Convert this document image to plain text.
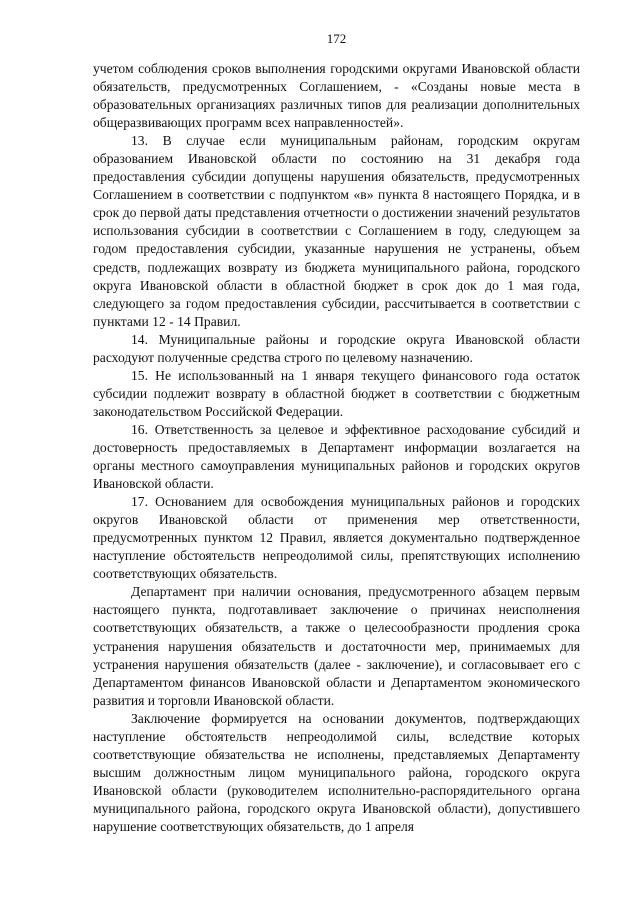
172

учетом соблюдения сроков выполнения городскими округами Ивановской области обязательств, предусмотренных Соглашением, - «Созданы новые места в образовательных организациях различных типов для реализации дополнительных общеразвивающих программ всех направленностей».

13. В случае если муниципальным районам, городским округам образованием Ивановской области по состоянию на 31 декабря года предоставления субсидии допущены нарушения обязательств, предусмотренных Соглашением в соответствии с подпунктом «в» пункта 8 настоящего Порядка, и в срок до первой даты представления отчетности о достижении значений результатов использования субсидии в соответствии с Соглашением в году, следующем за годом предоставления субсидии, указанные нарушения не устранены, объем средств, подлежащих возврату из бюджета муниципального района, городского округа Ивановской области в областной бюджет в срок док до 1 мая года, следующего за годом предоставления субсидии, рассчитывается в соответствии с пунктами 12 - 14 Правил.

14. Муниципальные районы и городские округа Ивановской области расходуют полученные средства строго по целевому назначению.

15. Не использованный на 1 января текущего финансового года остаток субсидии подлежит возврату в областной бюджет в соответствии с бюджетным законодательством Российской Федерации.

16. Ответственность за целевое и эффективное расходование субсидий и достоверность предоставляемых в Департамент информации возлагается на органы местного самоуправления муниципальных районов и городских округов Ивановской области.

17. Основанием для освобождения муниципальных районов и городских округов Ивановской области от применения мер ответственности, предусмотренных пунктом 12 Правил, является документально подтвержденное наступление обстоятельств непреодолимой силы, препятствующих исполнению соответствующих обязательств.

Департамент при наличии основания, предусмотренного абзацем первым настоящего пункта, подготавливает заключение о причинах неисполнения соответствующих обязательств, а также о целесообразности продления срока устранения нарушения обязательств и достаточности мер, принимаемых для устранения нарушения обязательств (далее - заключение), и согласовывает его с Департаментом финансов Ивановской области и Департаментом экономического развития и торговли Ивановской области.

Заключение формируется на основании документов, подтверждающих наступление обстоятельств непреодолимой силы, вследствие которых соответствующие обязательства не исполнены, представляемых Департаменту высшим должностным лицом муниципального района, городского округа Ивановской области (руководителем исполнительно-распорядительного органа муниципального района, городского округа Ивановской области), допустившего нарушение соответствующих обязательств, до 1 апреля
